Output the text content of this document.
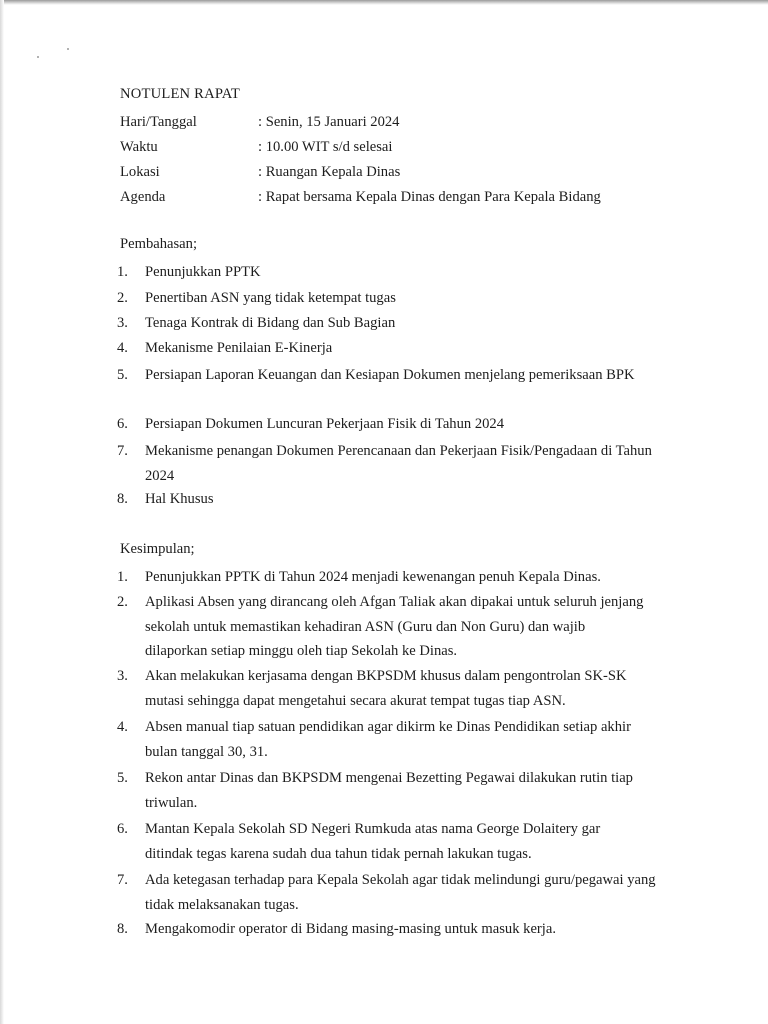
NOTULEN RAPAT
Hari/Tanggal	: Senin, 15 Januari 2024
Waktu	: 10.00 WIT s/d selesai
Lokasi	: Ruangan Kepala Dinas
Agenda	: Rapat bersama Kepala Dinas dengan Para Kepala Bidang
Pembahasan;
1. Penunjukkan PPTK
2. Penertiban ASN yang tidak ketempat tugas
3. Tenaga Kontrak di Bidang dan Sub Bagian
4. Mekanisme Penilaian E-Kinerja
5. Persiapan Laporan Keuangan dan Kesiapan Dokumen menjelang pemeriksaan BPK
6. Persiapan Dokumen Luncuran Pekerjaan Fisik di Tahun 2024
7. Mekanisme penangan Dokumen Perencanaan dan Pekerjaan Fisik/Pengadaan di Tahun 2024
8. Hal Khusus
Kesimpulan;
1. Penunjukkan PPTK di Tahun 2024 menjadi kewenangan penuh Kepala Dinas.
2. Aplikasi Absen yang dirancang oleh Afgan Taliak akan dipakai untuk seluruh jenjang sekolah untuk memastikan kehadiran ASN (Guru dan Non Guru) dan wajib dilaporkan setiap minggu oleh tiap Sekolah ke Dinas.
3. Akan melakukan kerjasama dengan BKPSDM khusus dalam pengontrolan SK-SK mutasi sehingga dapat mengetahui secara akurat tempat tugas tiap ASN.
4. Absen manual tiap satuan pendidikan agar dikirm ke Dinas Pendidikan setiap akhir bulan tanggal 30, 31.
5. Rekon antar Dinas dan BKPSDM mengenai Bezetting Pegawai dilakukan rutin tiap triwulan.
6. Mantan Kepala Sekolah SD Negeri Rumkuda atas nama George Dolaitery gar ditindak tegas karena sudah dua tahun tidak pernah lakukan tugas.
7. Ada ketegasan terhadap para Kepala Sekolah agar tidak melindungi guru/pegawai yang tidak melaksanakan tugas.
8. Mengakomodir operator di Bidang masing-masing untuk masuk kerja.
